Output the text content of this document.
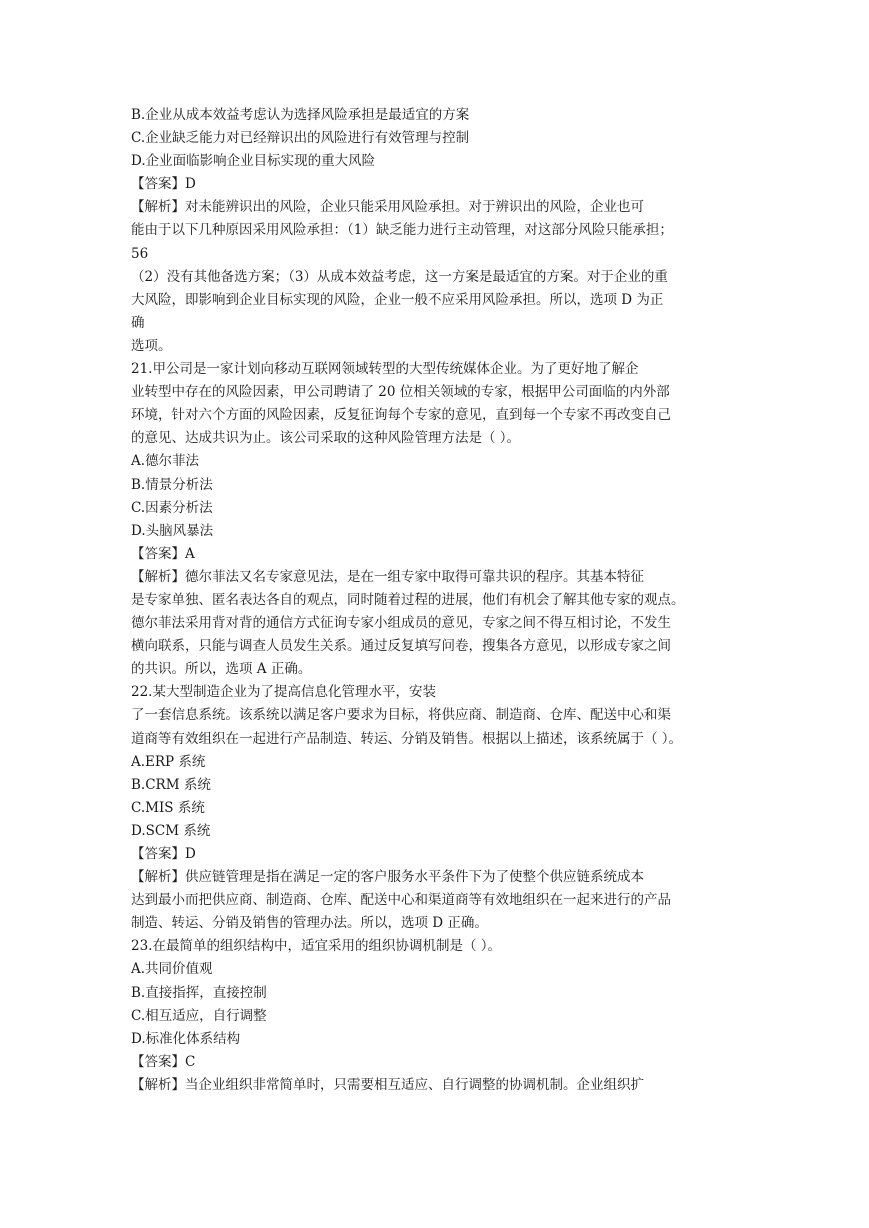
B.企业从成本效益考虑认为选择风险承担是最适宜的方案
C.企业缺乏能力对已经辩识出的风险进行有效管理与控制
D.企业面临影响企业目标实现的重大风险
【答案】D
【解析】对未能辨识出的风险，企业只能采用风险承担。对于辨识出的风险，企业也可
能由于以下几种原因采用风险承担：（1）缺乏能力进行主动管理，对这部分风险只能承担；
56
（2）没有其他备选方案；（3）从成本效益考虑，这一方案是最适宜的方案。对于企业的重
大风险，即影响到企业目标实现的风险，企业一般不应采用风险承担。所以，选项 D 为正
确
选项。
21.甲公司是一家计划向移动互联网领域转型的大型传统媒体企业。为了更好地了解企
业转型中存在的风险因素，甲公司聘请了 20 位相关领域的专家，根据甲公司面临的内外部
环境，针对六个方面的风险因素，反复征询每个专家的意见，直到每一个专家不再改变自己
的意见、达成共识为止。该公司采取的这种风险管理方法是（ ）。
A.德尔菲法
B.情景分析法
C.因素分析法
D.头脑风暴法
【答案】A
【解析】德尔菲法又名专家意见法，是在一组专家中取得可靠共识的程序。其基本特征
是专家单独、匿名表达各自的观点，同时随着过程的进展，他们有机会了解其他专家的观点。
德尔菲法采用背对背的通信方式征询专家小组成员的意见，专家之间不得互相讨论，不发生
横向联系，只能与调查人员发生关系。通过反复填写问卷，搜集各方意见，以形成专家之间
的共识。所以，选项 A 正确。
22.某大型制造企业为了提高信息化管理水平，安装
了一套信息系统。该系统以满足客户要求为目标，将供应商、制造商、仓库、配送中心和渠
道商等有效组织在一起进行产品制造、转运、分销及销售。根据以上描述，该系统属于（ ）。
A.ERP 系统
B.CRM 系统
C.MIS 系统
D.SCM 系统
【答案】D
【解析】供应链管理是指在满足一定的客户服务水平条件下为了使整个供应链系统成本
达到最小而把供应商、制造商、仓库、配送中心和渠道商等有效地组织在一起来进行的产品
制造、转运、分销及销售的管理办法。所以，选项 D 正确。
23.在最简单的组织结构中，适宜采用的组织协调机制是（ ）。
A.共同价值观
B.直接指挥，直接控制
C.相互适应，自行调整
D.标准化体系结构
【答案】C
【解析】当企业组织非常简单时，只需要相互适应、自行调整的协调机制。企业组织扩
